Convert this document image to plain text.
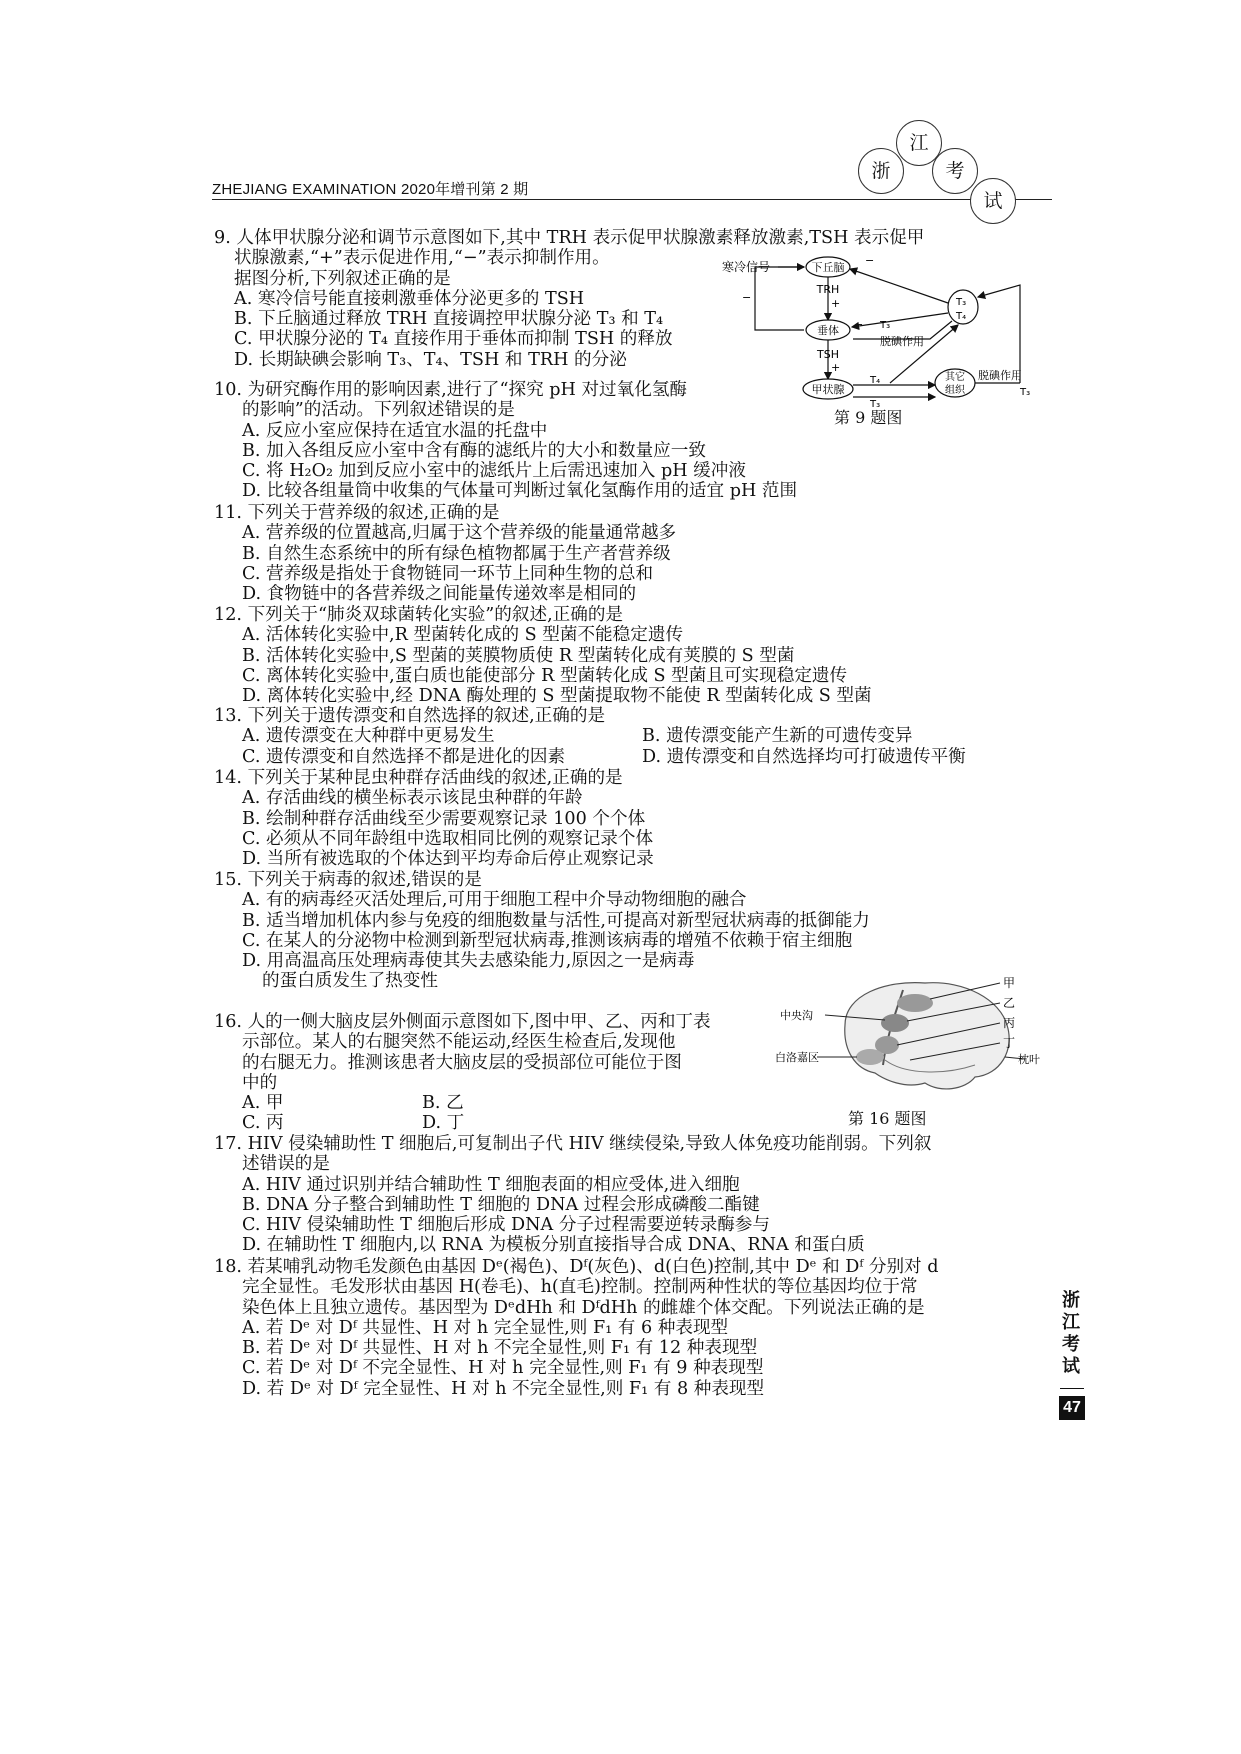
ZHEJIANG EXAMINATION 2020年增刊第 2 期
浙
江
考
试
9. 人体甲状腺分泌和调节示意图如下,其中 TRH 表示促甲状腺激素释放激素,TSH 表示促甲
状腺激素,“+”表示促进作用,“−”表示抑制作用。
据图分析,下列叙述正确的是
A. 寒冷信号能直接刺激垂体分泌更多的 TSH
B. 下丘脑通过释放 TRH 直接调控甲状腺分泌 T₃ 和 T₄
C. 甲状腺分泌的 T₄ 直接作用于垂体而抑制 TSH 的释放
D. 长期缺碘会影响 T₃、T₄、TSH 和 TRH 的分泌
寒冷信号	下丘脑
−
TRH
+
垂体 −
TSH
+
甲状腺
−	T₃
T₄
T₃
脱碘作用
T₄
T₃
其它
组织
脱碘作用
T₃
第 9 题图
10. 为研究酶作用的影响因素,进行了“探究 pH 对过氧化氢酶
的影响”的活动。下列叙述错误的是
A. 反应小室应保持在适宜水温的托盘中
B. 加入各组反应小室中含有酶的滤纸片的大小和数量应一致
C. 将 H₂O₂ 加到反应小室中的滤纸片上后需迅速加入 pH 缓冲液
D. 比较各组量筒中收集的气体量可判断过氧化氢酶作用的适宜 pH 范围
11. 下列关于营养级的叙述,正确的是
A. 营养级的位置越高,归属于这个营养级的能量通常越多
B. 自然生态系统中的所有绿色植物都属于生产者营养级
C. 营养级是指处于食物链同一环节上同种生物的总和
D. 食物链中的各营养级之间能量传递效率是相同的
12. 下列关于“肺炎双球菌转化实验”的叙述,正确的是
A. 活体转化实验中,R 型菌转化成的 S 型菌不能稳定遗传
B. 活体转化实验中,S 型菌的荚膜物质使 R 型菌转化成有荚膜的 S 型菌
C. 离体转化实验中,蛋白质也能使部分 R 型菌转化成 S 型菌且可实现稳定遗传
D. 离体转化实验中,经 DNA 酶处理的 S 型菌提取物不能使 R 型菌转化成 S 型菌
13. 下列关于遗传漂变和自然选择的叙述,正确的是
A. 遗传漂变在大种群中更易发生	B. 遗传漂变能产生新的可遗传变异
C. 遗传漂变和自然选择不都是进化的因素	D. 遗传漂变和自然选择均可打破遗传平衡
14. 下列关于某种昆虫种群存活曲线的叙述,正确的是
A. 存活曲线的横坐标表示该昆虫种群的年龄
B. 绘制种群存活曲线至少需要观察记录 100 个个体
C. 必须从不同年龄组中选取相同比例的观察记录个体
D. 当所有被选取的个体达到平均寿命后停止观察记录
15. 下列关于病毒的叙述,错误的是
A. 有的病毒经灭活处理后,可用于细胞工程中介导动物细胞的融合
B. 适当增加机体内参与免疫的细胞数量与活性,可提高对新型冠状病毒的抵御能力
C. 在某人的分泌物中检测到新型冠状病毒,推测该病毒的增殖不依赖于宿主细胞
D. 用高温高压处理病毒使其失去感染能力,原因之一是病毒
的蛋白质发生了热变性
16. 人的一侧大脑皮层外侧面示意图如下,图中甲、乙、丙和丁表
示部位。某人的右腿突然不能运动,经医生检查后,发现他
的右腿无力。推测该患者大脑皮层的受损部位可能位于图
中的
A. 甲	B. 乙
C. 丙	D. 丁
甲
乙
丙
丁
中央沟
白洛嘉区	枕叶
第 16 题图
17. HIV 侵染辅助性 T 细胞后,可复制出子代 HIV 继续侵染,导致人体免疫功能削弱。下列叙
述错误的是
A. HIV 通过识别并结合辅助性 T 细胞表面的相应受体,进入细胞
B. DNA 分子整合到辅助性 T 细胞的 DNA 过程会形成磷酸二酯键
C. HIV 侵染辅助性 T 细胞后形成 DNA 分子过程需要逆转录酶参与
D. 在辅助性 T 细胞内,以 RNA 为模板分别直接指导合成 DNA、RNA 和蛋白质
18. 若某哺乳动物毛发颜色由基因 Dᵉ(褐色)、Dᶠ(灰色)、d(白色)控制,其中 Dᵉ 和 Dᶠ 分别对 d
完全显性。毛发形状由基因 H(卷毛)、h(直毛)控制。控制两种性状的等位基因均位于常
染色体上且独立遗传。基因型为 DᵉdHh 和 DᶠdHh 的雌雄个体交配。下列说法正确的是
A. 若 Dᵉ 对 Dᶠ 共显性、H 对 h 完全显性,则 F₁ 有 6 种表现型
B. 若 Dᵉ 对 Dᶠ 共显性、H 对 h 不完全显性,则 F₁ 有 12 种表现型
C. 若 Dᵉ 对 Dᶠ 不完全显性、H 对 h 完全显性,则 F₁ 有 9 种表现型
D. 若 Dᵉ 对 Dᶠ 完全显性、H 对 h 不完全显性,则 F₁ 有 8 种表现型
浙
江
考
试
47
